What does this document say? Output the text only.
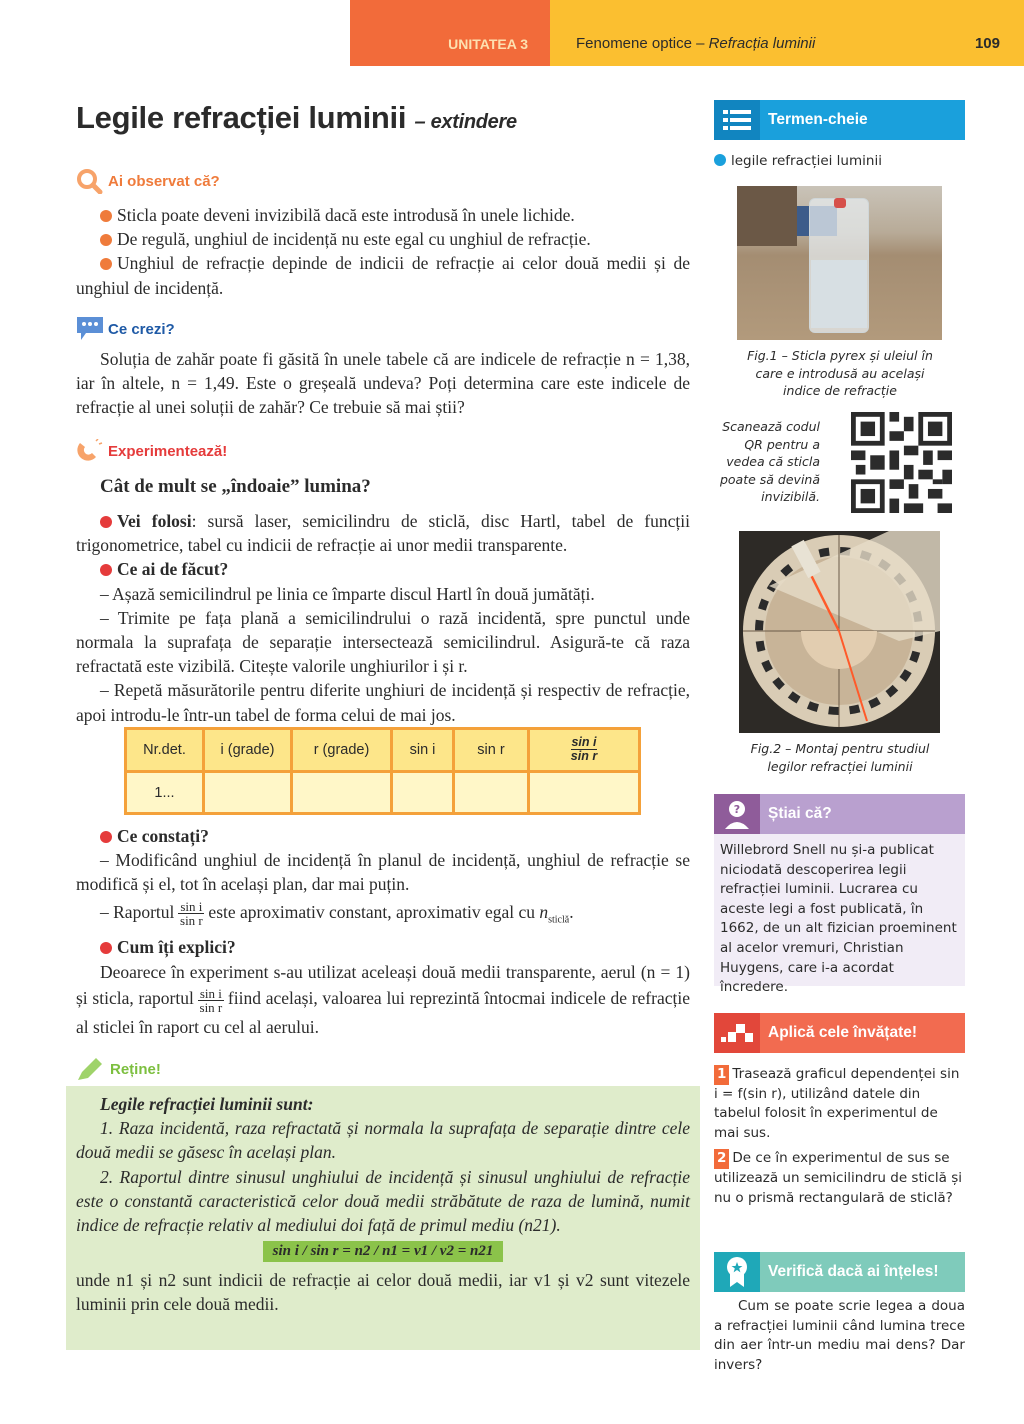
UNITATEA 3	Fenomene optice – Refracția luminii	109
Legile refracției luminii – extindere
Ai observat că?
Sticla poate deveni invizibilă dacă este introdusă în unele lichide.
De regulă, unghiul de incidență nu este egal cu unghiul de refracție.
Unghiul de refracție depinde de indicii de refracție ai celor două medii și de unghiul de incidență.
Ce crezi?
Soluția de zahăr poate fi găsită în unele tabele că are indicele de refracție n = 1,38, iar în altele, n = 1,49. Este o greșeală undeva? Poți determina care este indicele de refracție al unei soluții de zahăr? Ce trebuie să mai știi?
Experimentează!
Cât de mult se „îndoaie” lumina?
Vei folosi: sursă laser, semicilindru de sticlă, disc Hartl, tabel de funcții trigonometrice, tabel cu indicii de refracție ai unor medii transparente.
Ce ai de făcut?
– Așază semicilindrul pe linia ce împarte discul Hartl în două jumătăți.
– Trimite pe fața plană a semicilindrului o rază incidentă, spre punctul unde normala la suprafața de separație intersectează semicilindrul. Asigură-te că raza refractată este vizibilă. Citește valorile unghiurilor i și r.
– Repetă măsurătorile pentru diferite unghiuri de incidență și respectiv de refracție, apoi introdu-le într-un tabel de forma celui de mai jos.
Nr.det.	i (grade)	r (grade)	sin i	sin r	$\frac{\text{sin i}}{\text{sin r}}$

1...					
Ce constați?
– Modificând unghiul de incidență în planul de incidență, unghiul de refracție se modifică și el, tot în același plan, dar mai puțin.
– Raportul $\frac{\text{sin i}}{\text{sin r}}$ este aproximativ constant, aproximativ egal cu $n_{sticlă}$.
Cum îți explici?
Deoarece în experiment s-au utilizat aceleași două medii transparente, aerul (n = 1) și sticla, raportul $\frac{\text{sin i}}{\text{sin r}}$ fiind același, valoarea lui reprezintă întocmai indicele de refracție al sticlei în raport cu cel al aerului.
Reține!
Legile refracției luminii sunt:
1. Raza incidentă, raza refractată și normala la suprafața de separație dintre cele două medii se găsesc în același plan.
2. Raportul dintre sinusul unghiului de incidență și sinusul unghiului de refracție este o constantă caracteristică celor două medii străbătute de raza de lumină, numit indice de refracție relativ al mediului doi față de primul mediu (n21).
sin i / sin r = n2 / n1 = v1 / v2 = n21
unde n1 și n2 sunt indicii de refracție ai celor două medii, iar v1 și v2 sunt vitezele luminii prin cele două medii.
Termen-cheie
legile refracției luminii
Fig.1 – Sticla pyrex și uleiul în care e introdusă au același indice de refracție
Scanează codul QR pentru a vedea că sticla poate să devină invizibilă.
Fig.2 – Montaj pentru studiul legilor refracției luminii
?	Știai că?
Willebrord Snell nu și-a publicat niciodată descoperirea legii refracției luminii. Lucrarea cu aceste legi a fost publicată, în 1662, de un alt fizician proeminent al acelor vremuri, Christian Huygens, care i-a acordat încredere.
Aplică cele învățate!
1 Trasează graficul dependenței sin i = f(sin r), utilizând datele din tabelul folosit în experimentul de mai sus.
2 De ce în experimentul de sus se utilizează un semicilindru de sticlă și nu o prismă rectangulară de sticlă?
Verifică dacă ai înțeles!
Cum se poate scrie legea a doua a refracției luminii când lumina trece din aer într-un mediu mai dens? Dar invers?
